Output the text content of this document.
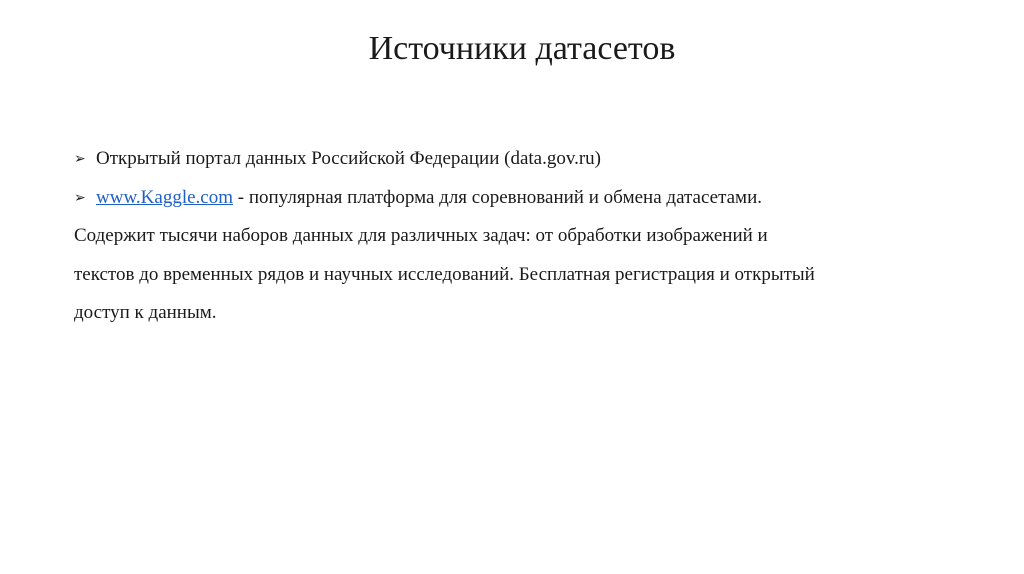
Источники датасетов
➢ Открытый портал данных Российской Федерации (data.gov.ru)
➢ www.Kaggle.com - популярная платформа для соревнований и обмена датасетами.
Содержит тысячи наборов данных для различных задач: от обработки изображений и
текстов до временных рядов и научных исследований. Бесплатная регистрация и открытый
доступ к данным.
